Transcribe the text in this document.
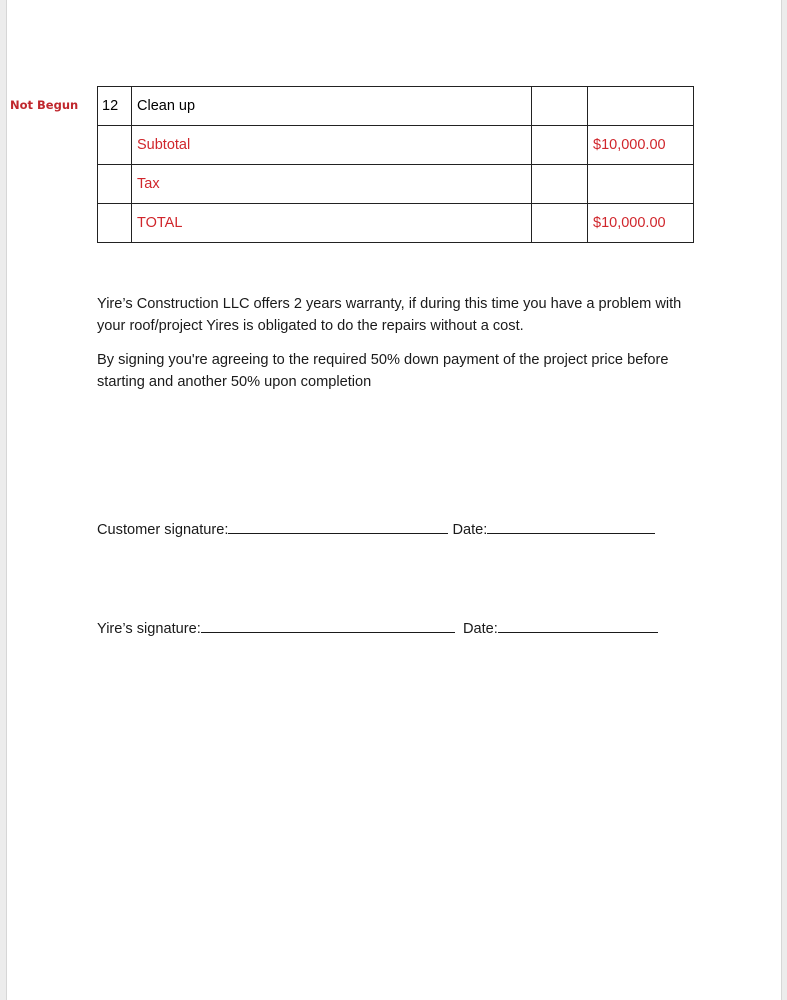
Not Begun 12	Clean up		
	Subtotal		$10,000.00
	Tax		
	TOTAL		$10,000.00

Yire’s Construction LLC offers 2 years warranty, if during this time you have a problem with your roof/project Yires is obligated to do the repairs without a cost.

By signing you're agreeing to the required 50% down payment of the project price before starting and another 50% upon completion

Customer signature:	Date:
Yire’s signature:	Date:
